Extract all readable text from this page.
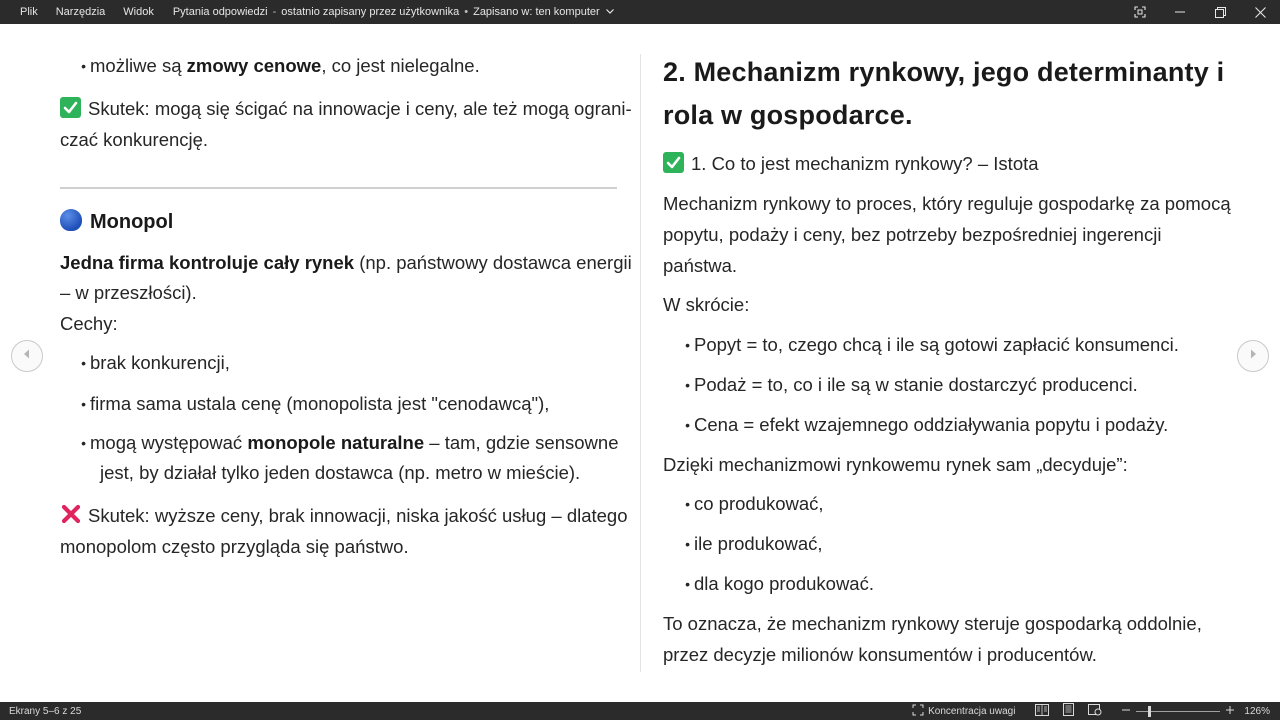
Plik	Narzędzia	Widok	Pytania odpowiedzi - ostatnio zapisany przez użytkownika • Zapisano w: ten komputer
• możliwe są zmowy cenowe, co jest nielegalne.
Skutek: mogą się ścigać na innowacje i ceny, ale też mogą ograni-
czać konkurencję.
Monopol
Jedna firma kontroluje cały rynek (np. państwowy dostawca energii
– w przeszłości).
Cechy:
• brak konkurencji,
• firma sama ustala cenę (monopolista jest "cenodawcą"),
• mogą występować monopole naturalne – tam, gdzie sensowne
jest, by działał tylko jeden dostawca (np. metro w mieście).
Skutek: wyższe ceny, brak innowacji, niska jakość usług – dlatego
monopolom często przygląda się państwo.
2. Mechanizm rynkowy, jego determinanty i
rola w gospodarce.
1. Co to jest mechanizm rynkowy? – Istota
Mechanizm rynkowy to proces, który reguluje gospodarkę za pomocą
popytu, podaży i ceny, bez potrzeby bezpośredniej ingerencji
państwa.
W skrócie:
• Popyt = to, czego chcą i ile są gotowi zapłacić konsumenci.
• Podaż = to, co i ile są w stanie dostarczyć producenci.
• Cena = efekt wzajemnego oddziaływania popytu i podaży.
Dzięki mechanizmowi rynkowemu rynek sam „decyduje”:
• co produkować,
• ile produkować,
• dla kogo produkować.
To oznacza, że mechanizm rynkowy steruje gospodarką oddolnie,
przez decyzje milionów konsumentów i producentów.
Ekrany 5–6 z 25	Koncentracja uwagi	126%
